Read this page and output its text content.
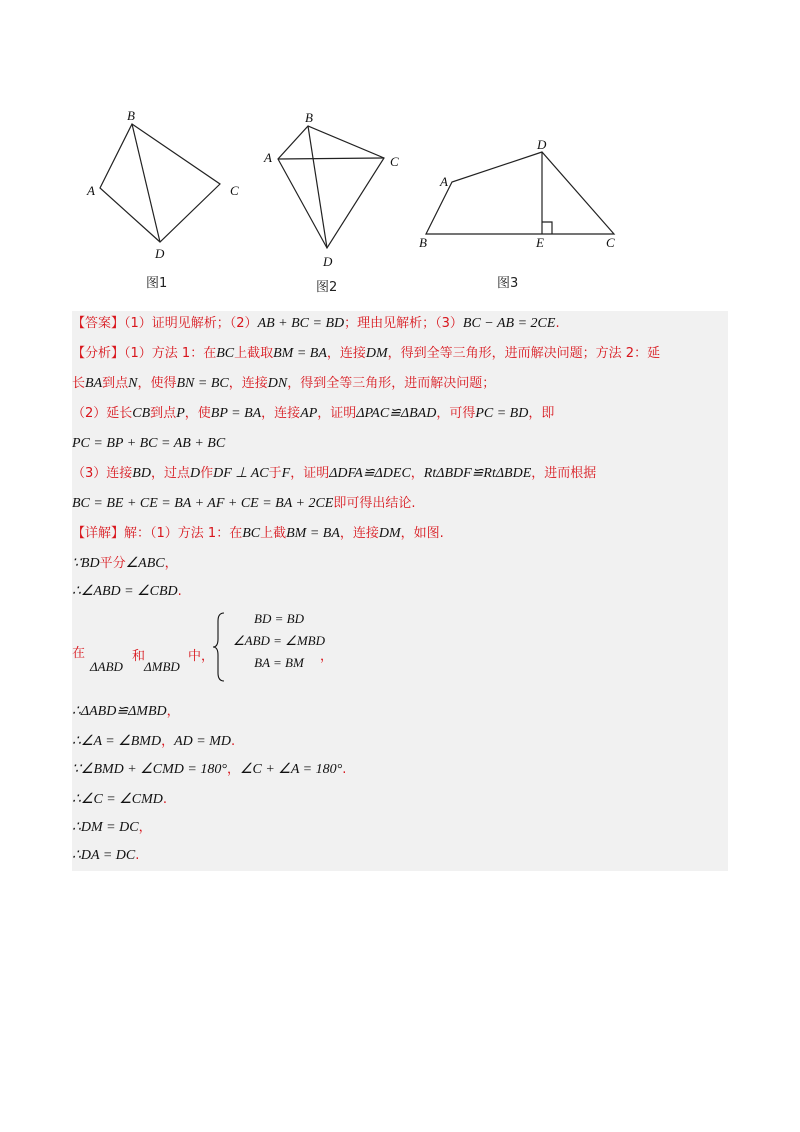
B
A	C
D
B
A	C
D
A
D
B	E	C
图1	图2	图3
【答案】（1）证明见解析；（2）AB + BC = BD；理由见解析；（3）BC − AB = 2CE.
【分析】（1）方法 1：在BC上截取BM = BA，连接DM，得到全等三角形，进而解决问题；方法 2：延
长BA到点N，使得BN = BC，连接DN，得到全等三角形，进而解决问题；
（2）延长CB到点P，使BP = BA，连接AP，证明ΔPAC≌ΔBAD，可得PC = BD，即
PC = BP + BC = AB + BC
（3）连接BD，过点D作DF ⊥ AC于F，证明ΔDFA≌ΔDEC，RtΔBDF≌RtΔBDE，进而根据
BC = BE + CE = BA + AF + CE = BA + 2CE即可得出结论.
【详解】解：（1）方法 1：在BC上截BM = BA，连接DM，如图.
∵BD平分∠ABC，
∴∠ABD = ∠CBD.
在
ΔABD
和
ΔMBD
中，
BD = BD
∠ABD = ∠MBD
BA = BM	，
∴ΔABD≌ΔMBD，
∴∠A = ∠BMD，AD = MD.
∵∠BMD + ∠CMD = 180°，∠C + ∠A = 180°.
∴∠C = ∠CMD.
∴DM = DC，
∴DA = DC.
